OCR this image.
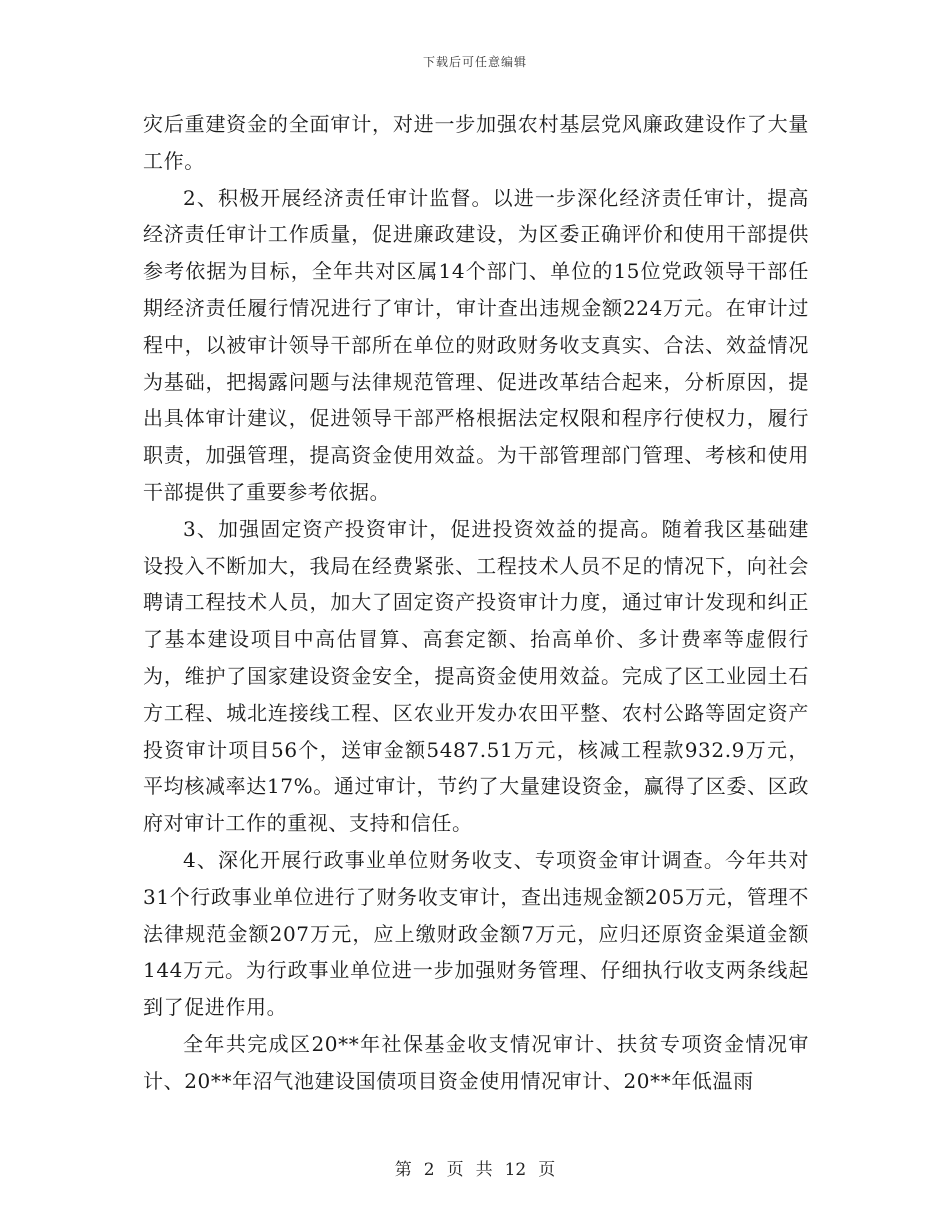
下载后可任意编辑

灾后重建资金的全面审计，对进一步加强农村基层党风廉政建设作了大量工作。

2、积极开展经济责任审计监督。以进一步深化经济责任审计，提高经济责任审计工作质量，促进廉政建设，为区委正确评价和使用干部提供参考依据为目标，全年共对区属14个部门、单位的15位党政领导干部任期经济责任履行情况进行了审计，审计查出违规金额224万元。在审计过程中，以被审计领导干部所在单位的财政财务收支真实、合法、效益情况为基础，把揭露问题与法律规范管理、促进改革结合起来，分析原因，提出具体审计建议，促进领导干部严格根据法定权限和程序行使权力，履行职责，加强管理，提高资金使用效益。为干部管理部门管理、考核和使用干部提供了重要参考依据。

3、加强固定资产投资审计，促进投资效益的提高。随着我区基础建设投入不断加大，我局在经费紧张、工程技术人员不足的情况下，向社会聘请工程技术人员，加大了固定资产投资审计力度，通过审计发现和纠正了基本建设项目中高估冒算、高套定额、抬高单价、多计费率等虚假行为，维护了国家建设资金安全，提高资金使用效益。完成了区工业园土石方工程、城北连接线工程、区农业开发办农田平整、农村公路等固定资产投资审计项目56个，送审金额5487.51万元，核减工程款932.9万元，平均核减率达17%。通过审计，节约了大量建设资金，赢得了区委、区政府对审计工作的重视、支持和信任。

4、深化开展行政事业单位财务收支、专项资金审计调查。今年共对31个行政事业单位进行了财务收支审计，查出违规金额205万元，管理不法律规范金额207万元，应上缴财政金额7万元，应归还原资金渠道金额144万元。为行政事业单位进一步加强财务管理、仔细执行收支两条线起到了促进作用。

全年共完成区20**年社保基金收支情况审计、扶贫专项资金情况审计、20**年沼气池建设国债项目资金使用情况审计、20**年低温雨

第 2 页 共 12 页
